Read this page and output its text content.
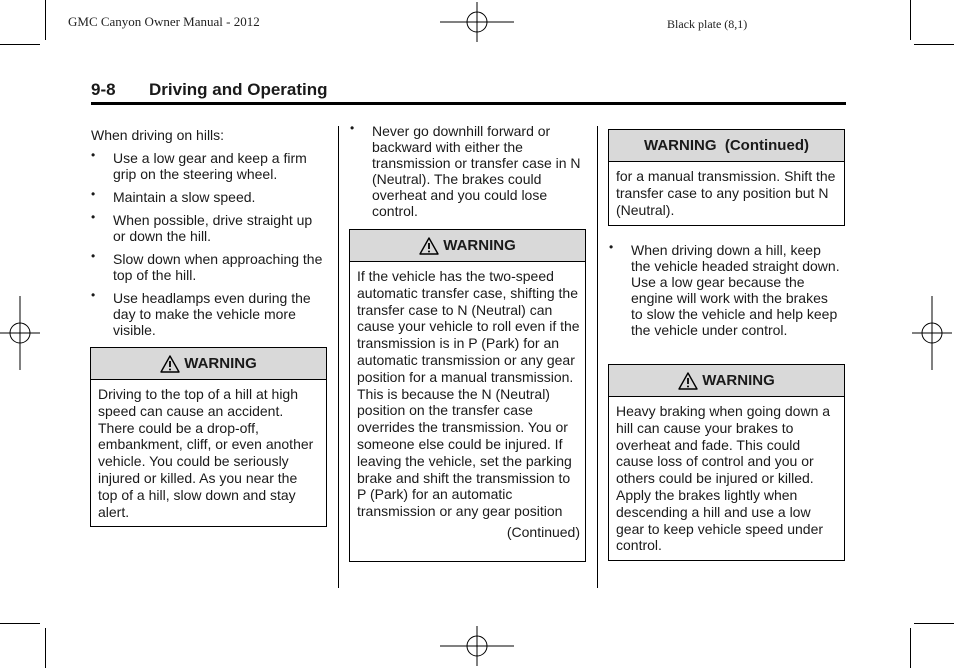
GMC Canyon Owner Manual - 2012	Black plate (8,1)
9-8 Driving and Operating
When driving on hills:
• Use a low gear and keep a firm grip on the steering wheel.
• Maintain a slow speed.
• When possible, drive straight up or down the hill.
• Slow down when approaching the top of the hill.
• Use headlamps even during the day to make the vehicle more visible.
WARNING
Driving to the top of a hill at high speed can cause an accident. There could be a drop-off, embankment, cliff, or even another vehicle. You could be seriously injured or killed. As you near the top of a hill, slow down and stay alert.
• Never go downhill forward or backward with either the transmission or transfer case in N (Neutral). The brakes could overheat and you could lose control.
WARNING
If the vehicle has the two-speed automatic transfer case, shifting the transfer case to N (Neutral) can cause your vehicle to roll even if the transmission is in P (Park) for an automatic transmission or any gear position for a manual transmission. This is because the N (Neutral) position on the transfer case overrides the transmission. You or someone else could be injured. If leaving the vehicle, set the parking brake and shift the transmission to P (Park) for an automatic transmission or any gear position
(Continued)
WARNING  (Continued)
for a manual transmission. Shift the transfer case to any position but N (Neutral).
• When driving down a hill, keep the vehicle headed straight down. Use a low gear because the engine will work with the brakes to slow the vehicle and help keep the vehicle under control.
WARNING
Heavy braking when going down a hill can cause your brakes to overheat and fade. This could cause loss of control and you or others could be injured or killed. Apply the brakes lightly when descending a hill and use a low gear to keep vehicle speed under control.
